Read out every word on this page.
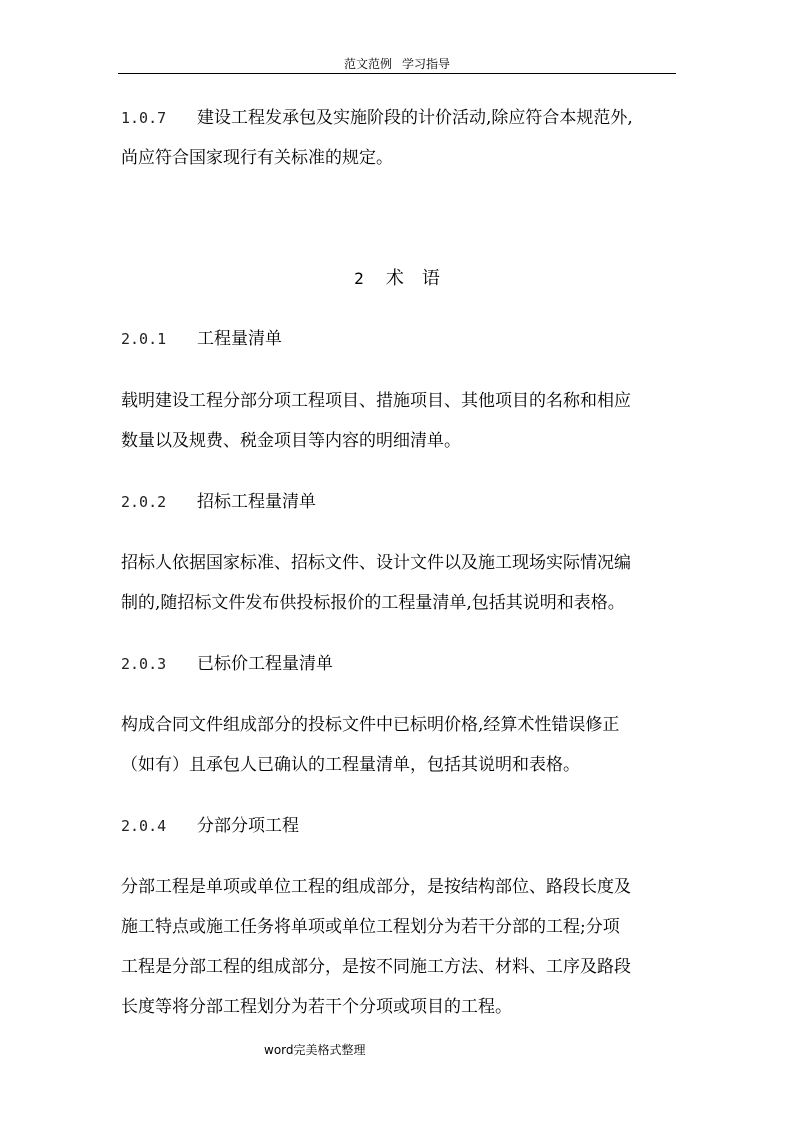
范文范例 学习指导
1.0.7 建设工程发承包及实施阶段的计价活动,除应符合本规范外,
尚应符合国家现行有关标准的规定。
2 术 语
2.0.1 工程量清单
载明建设工程分部分项工程项目、措施项目、其他项目的名称和相应
数量以及规费、税金项目等内容的明细清单。
2.0.2 招标工程量清单
招标人依据国家标准、招标文件、设计文件以及施工现场实际情况编
制的,随招标文件发布供投标报价的工程量清单,包括其说明和表格。
2.0.3 已标价工程量清单
构成合同文件组成部分的投标文件中已标明价格,经算术性错误修正
（如有）且承包人已确认的工程量清单，包括其说明和表格。
2.0.4 分部分项工程
分部工程是单项或单位工程的组成部分，是按结构部位、路段长度及
施工特点或施工任务将单项或单位工程划分为若干分部的工程;分项
工程是分部工程的组成部分，是按不同施工方法、材料、工序及路段
长度等将分部工程划分为若干个分项或项目的工程。
word完美格式整理
